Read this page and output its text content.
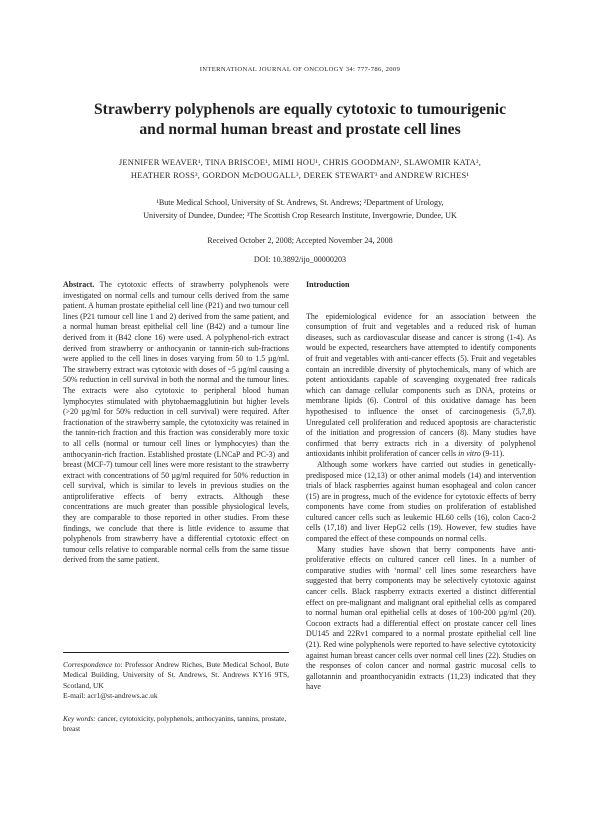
INTERNATIONAL JOURNAL OF ONCOLOGY 34: 777-786, 2009
Strawberry polyphenols are equally cytotoxic to tumourigenic
and normal human breast and prostate cell lines
JENNIFER WEAVER¹, TINA BRISCOE¹, MIMI HOU¹, CHRIS GOODMAN², SLAWOMIR KATA²,
HEATHER ROSS³, GORDON McDOUGALL³, DEREK STEWART³ and ANDREW RICHES¹
¹Bute Medical School, University of St. Andrews, St. Andrews; ²Department of Urology,
University of Dundee, Dundee; ³The Scottish Crop Research Institute, Invergowrie, Dundee, UK
Received October 2, 2008; Accepted November 24, 2008
DOI: 10.3892/ijo_00000203

Abstract. The cytotoxic effects of strawberry polyphenols were investigated on normal cells and tumour cells derived from the same patient. A human prostate epithelial cell line (P21) and two tumour cell lines (P21 tumour cell line 1 and 2) derived from the same patient, and a normal human breast epithelial cell line (B42) and a tumour line derived from it (B42 clone 16) were used. A polyphenol-rich extract derived from strawberry or anthocyanin or tannin-rich sub-fractions were applied to the cell lines in doses varying from 50 to 1.5 µg/ml. The strawberry extract was cytotoxic with doses of ~5 µg/ml causing a 50% reduction in cell survival in both the normal and the tumour lines. The extracts were also cytotoxic to peripheral blood human lymphocytes stimulated with phytohaemagglutinin but higher levels (>20 µg/ml for 50% reduction in cell survival) were required. After fractionation of the strawberry sample, the cytotoxicity was retained in the tannin-rich fraction and this fraction was considerably more toxic to all cells (normal or tumour cell lines or lymphocytes) than the anthocyanin-rich fraction. Established prostate (LNCaP and PC-3) and breast (MCF-7) tumour cell lines were more resistant to the strawberry extract with concentrations of 50 µg/ml required for 50% reduction in cell survival, which is similar to levels in previous studies on the antiproliferative effects of berry extracts. Although these concentrations are much greater than possible physiological levels, they are comparable to those reported in other studies. From these findings, we conclude that there is little evidence to assume that polyphenols from strawberry have a differential cytotoxic effect on tumour cells relative to comparable normal cells from the same tissue derived from the same patient.

Correspondence to: Professor Andrew Riches, Bute Medical School, Bute Medical Building, University of St. Andrews, St. Andrews KY16 9TS, Scotland, UK
E-mail: acr1@st-andrews.ac.uk
Key words: cancer, cytotoxicity, polyphenols, anthocyanins, tannins, prostate, breast

Introduction

The epidemiological evidence for an association between the consumption of fruit and vegetables and a reduced risk of human diseases, such as cardiovascular disease and cancer is strong (1-4). As would be expected, researchers have attempted to identify components of fruit and vegetables with anti-cancer effects (5). Fruit and vegetables contain an incredible diversity of phytochemicals, many of which are potent antioxidants capable of scavenging oxygenated free radicals which can damage cellular components such as DNA, proteins or membrane lipids (6). Control of this oxidative damage has been hypothesised to influence the onset of carcinogenesis (5,7,8). Unregulated cell proliferation and reduced apoptosis are characteristic of the initiation and progression of cancers (8). Many studies have confirmed that berry extracts rich in a diversity of polyphenol antioxidants inhibit proliferation of cancer cells in vitro (9-11).

Although some workers have carried out studies in genetically-predisposed mice (12,13) or other animal models (14) and intervention trials of black raspberries against human esophageal and colon cancer (15) are in progress, much of the evidence for cytotoxic effects of berry components have come from studies on proliferation of established cultured cancer cells such as leukemic HL60 cells (16), colon Caco-2 cells (17,18) and liver HepG2 cells (19). However, few studies have compared the effect of these compounds on normal cells.

Many studies have shown that berry components have anti-proliferative effects on cultured cancer cell lines. In a number of comparative studies with ‘normal’ cell lines some researchers have suggested that berry components may be selectively cytotoxic against cancer cells. Black raspberry extracts exerted a distinct differential effect on pre-malignant and malignant oral epithelial cells as compared to normal human oral epithelial cells at doses of 100-200 µg/ml (20). Cocoon extracts had a differential effect on prostate cancer cell lines DU145 and 22Rv1 compared to a normal prostate epithelial cell line (21). Red wine polyphenols were reported to have selective cytotoxicity against human breast cancer cells over normal cell lines (22). Studies on the responses of colon cancer and normal gastric mucosal cells to gallotannin and proanthocyanidin extracts (11,23) indicated that they have
